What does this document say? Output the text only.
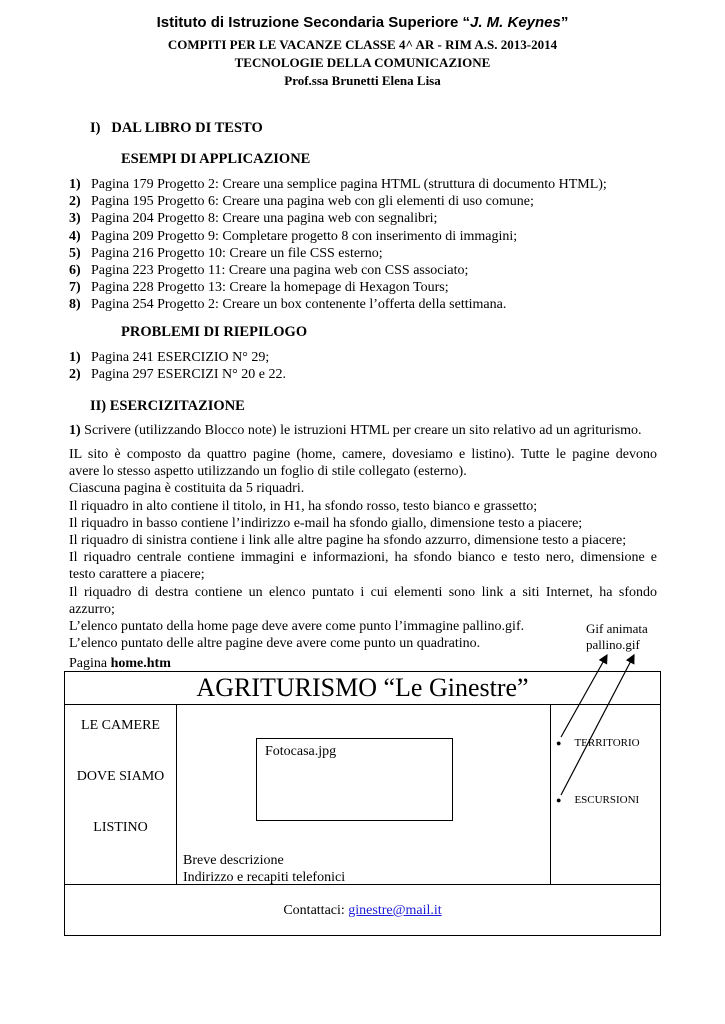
Istituto di Istruzione Secondaria Superiore “J. M. Keynes”
COMPITI PER LE VACANZE CLASSE 4^ AR - RIM A.S. 2013-2014
TECNOLOGIE DELLA COMUNICAZIONE
Prof.ssa Brunetti Elena Lisa
I)   DAL LIBRO DI TESTO
ESEMPI DI APPLICAZIONE
1) Pagina 179 Progetto 2: Creare una semplice pagina HTML (struttura di documento HTML);
2) Pagina 195 Progetto 6: Creare una pagina web con gli elementi di uso comune;
3) Pagina 204 Progetto 8: Creare una pagina web con segnalibri;
4) Pagina 209 Progetto 9: Completare progetto 8 con inserimento di immagini;
5) Pagina 216 Progetto 10: Creare un file CSS esterno;
6) Pagina 223 Progetto 11: Creare una pagina web con CSS associato;
7) Pagina 228 Progetto 13: Creare la homepage di Hexagon Tours;
8) Pagina 254 Progetto 2: Creare un box contenente l’offerta della settimana.
PROBLEMI DI RIEPILOGO
1) Pagina 241 ESERCIZIO N° 29;
2) Pagina 297 ESERCIZI N° 20 e 22.
II) ESERCIZITAZIONE
1) Scrivere (utilizzando Blocco note) le istruzioni HTML per creare un sito relativo ad un agriturismo.
IL sito è composto da quattro pagine (home, camere, dovesiamo e listino). Tutte le pagine devono
avere lo stesso aspetto utilizzando un foglio di stile collegato (esterno).
Ciascuna pagina è costituita da 5 riquadri.
Il riquadro in alto contiene il titolo, in H1, ha sfondo rosso, testo bianco e grassetto;
Il riquadro in basso contiene l’indirizzo e-mail ha sfondo giallo, dimensione testo a piacere;
Il riquadro di sinistra contiene i link alle altre pagine ha sfondo azzurro, dimensione testo a piacere;
Il riquadro centrale contiene immagini e informazioni, ha sfondo bianco e testo nero, dimensione e
testo carattere a piacere;
Il riquadro di destra contiene un elenco puntato i cui elementi sono link a siti Internet, ha sfondo
azzurro;
L’elenco puntato della home page deve avere come punto l’immagine pallino.gif.
L’elenco puntato delle altre pagine deve avere come punto un quadratino.
Gif animata
pallino.gif
Pagina home.htm
AGRITURISMO “Le Ginestre”
LE CAMERE
DOVE SIAMO
LISTINO
Fotocasa.jpg
Breve descrizione
Indirizzo e recapiti telefonici
● TERRITORIO
● ESCURSIONI
Contattaci: ginestre@mail.it
